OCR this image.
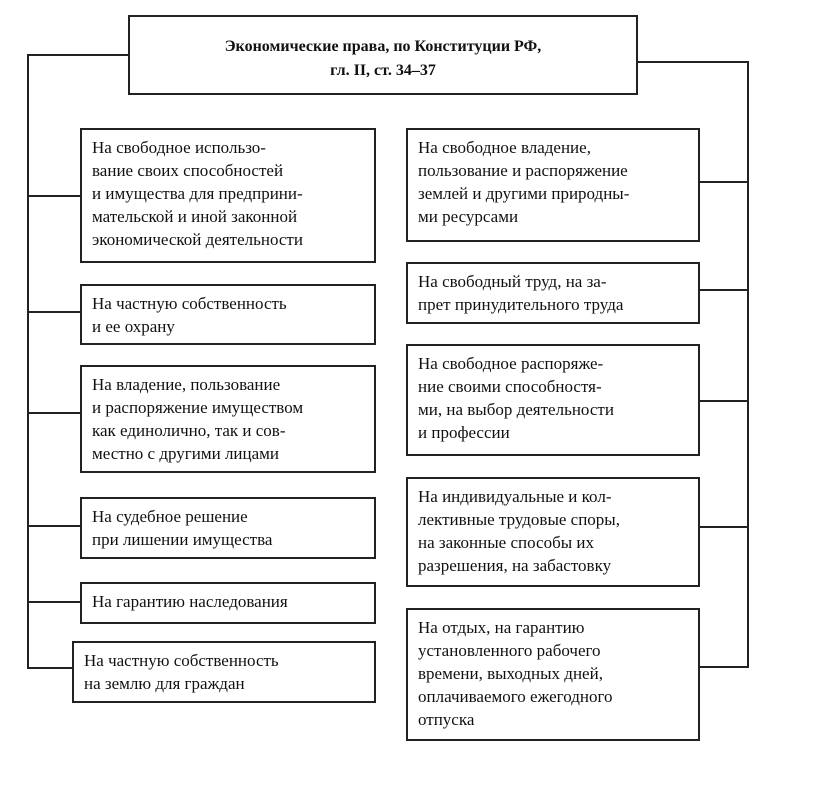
Экономические права, по Конституции РФ,
гл. II, ст. 34–37
На свободное использо-
вание своих способностей
и имущества для предприни-
мательской и иной законной
экономической деятельности
На частную собственность
и ее охрану
На владение, пользование
и распоряжение имуществом
как единолично, так и сов-
местно с другими лицами
На судебное решение
при лишении имущества
На гарантию наследования
На частную собственность
на землю для граждан
На свободное владение,
пользование и распоряжение
землей и другими природны-
ми ресурсами
На свободный труд, на за-
прет принудительного труда
На свободное распоряже-
ние своими способностя-
ми, на выбор деятельности
и профессии
На индивидуальные и кол-
лективные трудовые споры,
на законные способы их
разрешения, на забастовку
На отдых, на гарантию
установленного рабочего
времени, выходных дней,
оплачиваемого ежегодного
отпуска
